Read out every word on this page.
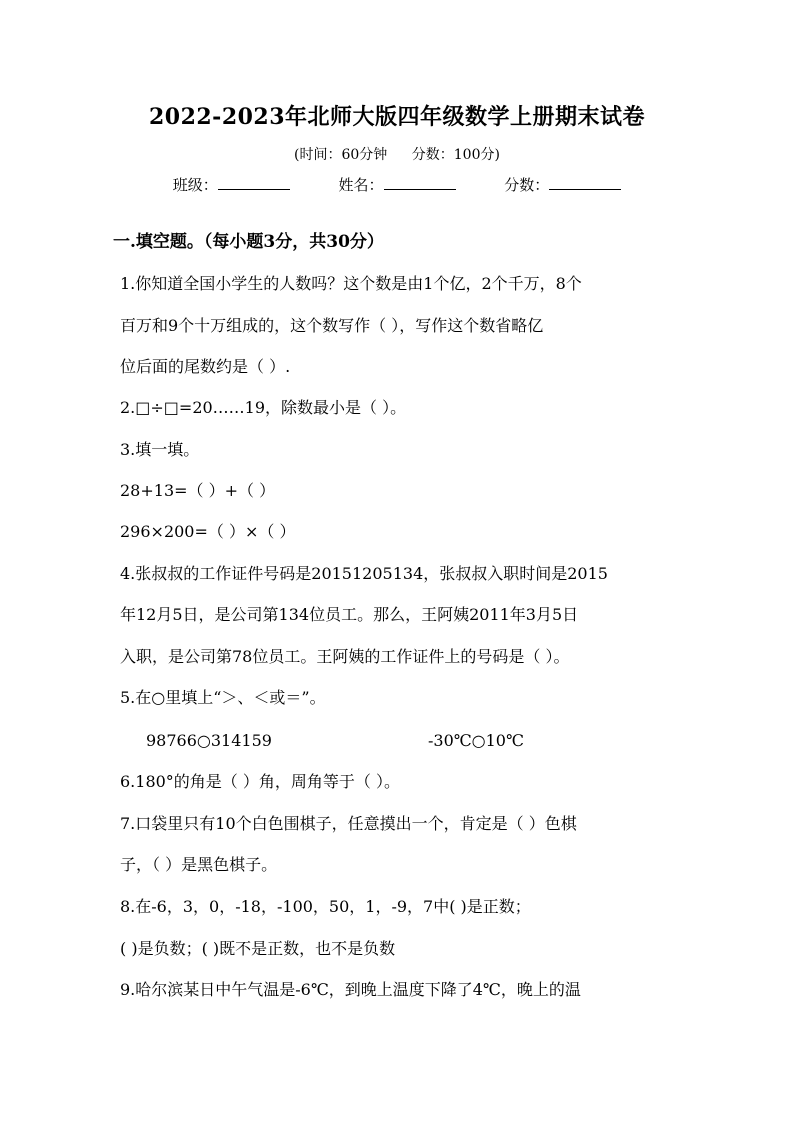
2022-2023年北师大版四年级数学上册期末试卷
(时间：60分钟 分数：100分)
班级：	姓名：	分数：
一.填空题。（每小题3分，共30分）
1.你知道全国小学生的人数吗？这个数是由1个亿，2个千万，8个
百万和9个十万组成的，这个数写作（ ），写作这个数省略亿
位后面的尾数约是（ ）.
2.□÷□=20……19，除数最小是（ ）。
3.填一填。
28+13=（ ）+（ ）
296×200=（ ）×（ ）
4.张叔叔的工作证件号码是20151205134，张叔叔入职时间是2015
年12月5日，是公司第134位员工。那么，王阿姨2011年3月5日
入职，是公司第78位员工。王阿姨的工作证件上的号码是（ ）。
5.在○里填上“＞、＜或＝”。
98766○314159	-30℃○10℃
6.180°的角是（ ）角，周角等于（ ）。
7.口袋里只有10个白色围棋子，任意摸出一个，肯定是（ ）色棋
子，（ ）是黑色棋子。
8.在-6，3，0，-18，-100，50，1，-9，7中( )是正数；
( )是负数；( )既不是正数，也不是负数
9.哈尔滨某日中午气温是-6℃，到晚上温度下降了4℃，晚上的温
